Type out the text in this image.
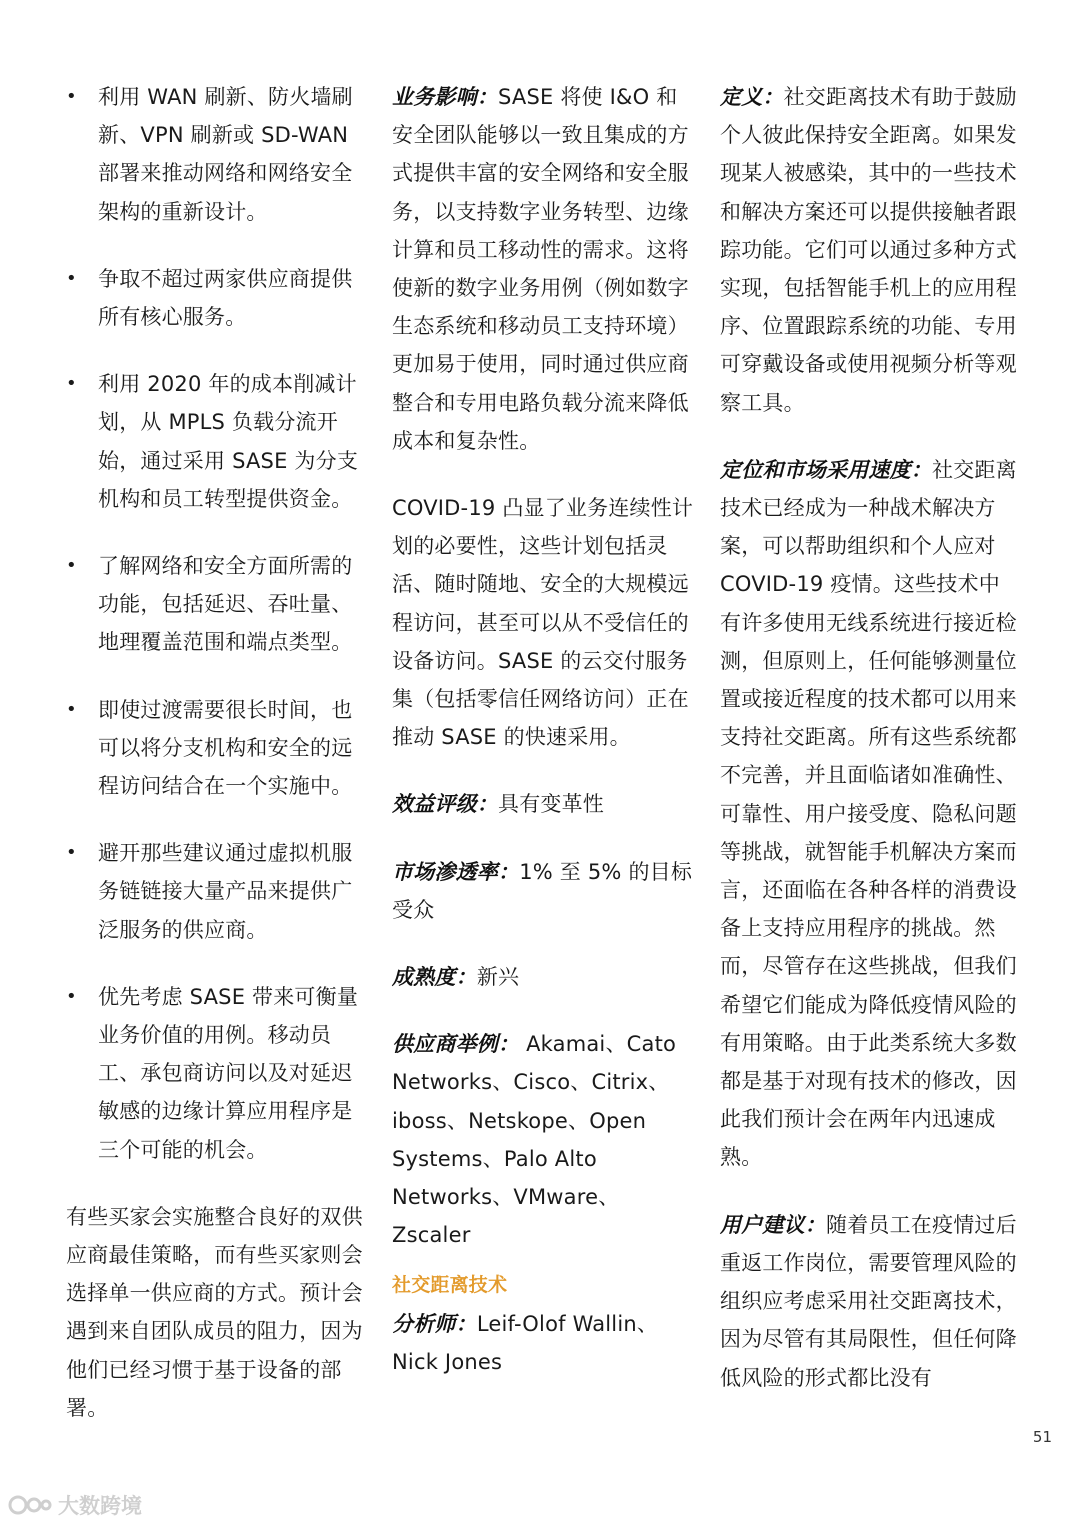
• 利用 WAN 刷新、防火墙刷新、VPN 刷新或 SD-WAN 部署来推动网络和网络安全架构的重新设计。
• 争取不超过两家供应商提供所有核心服务。
• 利用 2020 年的成本削减计划，从 MPLS 负载分流开始，通过采用 SASE 为分支机构和员工转型提供资金。
• 了解网络和安全方面所需的功能，包括延迟、吞吐量、地理覆盖范围和端点类型。
• 即使过渡需要很长时间，也可以将分支机构和安全的远程访问结合在一个实施中。
• 避开那些建议通过虚拟机服务链链接大量产品来提供广泛服务的供应商。
• 优先考虑 SASE 带来可衡量业务价值的用例。移动员工、承包商访问以及对延迟敏感的边缘计算应用程序是三个可能的机会。

有些买家会实施整合良好的双供应商最佳策略，而有些买家则会选择单一供应商的方式。预计会遇到来自团队成员的阻力，因为他们已经习惯于基于设备的部署。

业务影响：SASE 将使 I&O 和安全团队能够以一致且集成的方式提供丰富的安全网络和安全服务，以支持数字业务转型、边缘计算和员工移动性的需求。这将使新的数字业务用例（例如数字生态系统和移动员工支持环境）更加易于使用，同时通过供应商整合和专用电路负载分流来降低成本和复杂性。

COVID-19 凸显了业务连续性计划的必要性，这些计划包括灵活、随时随地、安全的大规模远程访问，甚至可以从不受信任的设备访问。SASE 的云交付服务集（包括零信任网络访问）正在推动 SASE 的快速采用。

效益评级：具有变革性

市场渗透率：1% 至 5% 的目标受众

成熟度：新兴

供应商举例： Akamai、Cato Networks、Cisco、Citrix、iboss、Netskope、Open Systems、Palo Alto Networks、VMware、Zscaler

社交距离技术

分析师：Leif-Olof Wallin、Nick Jones

定义：社交距离技术有助于鼓励个人彼此保持安全距离。如果发现某人被感染，其中的一些技术和解决方案还可以提供接触者跟踪功能。它们可以通过多种方式实现，包括智能手机上的应用程序、位置跟踪系统的功能、专用可穿戴设备或使用视频分析等观察工具。

定位和市场采用速度：社交距离技术已经成为一种战术解决方案，可以帮助组织和个人应对 COVID-19 疫情。这些技术中有许多使用无线系统进行接近检测，但原则上，任何能够测量位置或接近程度的技术都可以用来支持社交距离。所有这些系统都不完善，并且面临诸如准确性、可靠性、用户接受度、隐私问题等挑战，就智能手机解决方案而言，还面临在各种各样的消费设备上支持应用程序的挑战。然而，尽管存在这些挑战，但我们希望它们能成为降低疫情风险的有用策略。由于此类系统大多数都是基于对现有技术的修改，因此我们预计会在两年内迅速成熟。

用户建议：随着员工在疫情过后重返工作岗位，需要管理风险的组织应考虑采用社交距离技术，因为尽管有其局限性，但任何降低风险的形式都比没有

51
大数跨境
